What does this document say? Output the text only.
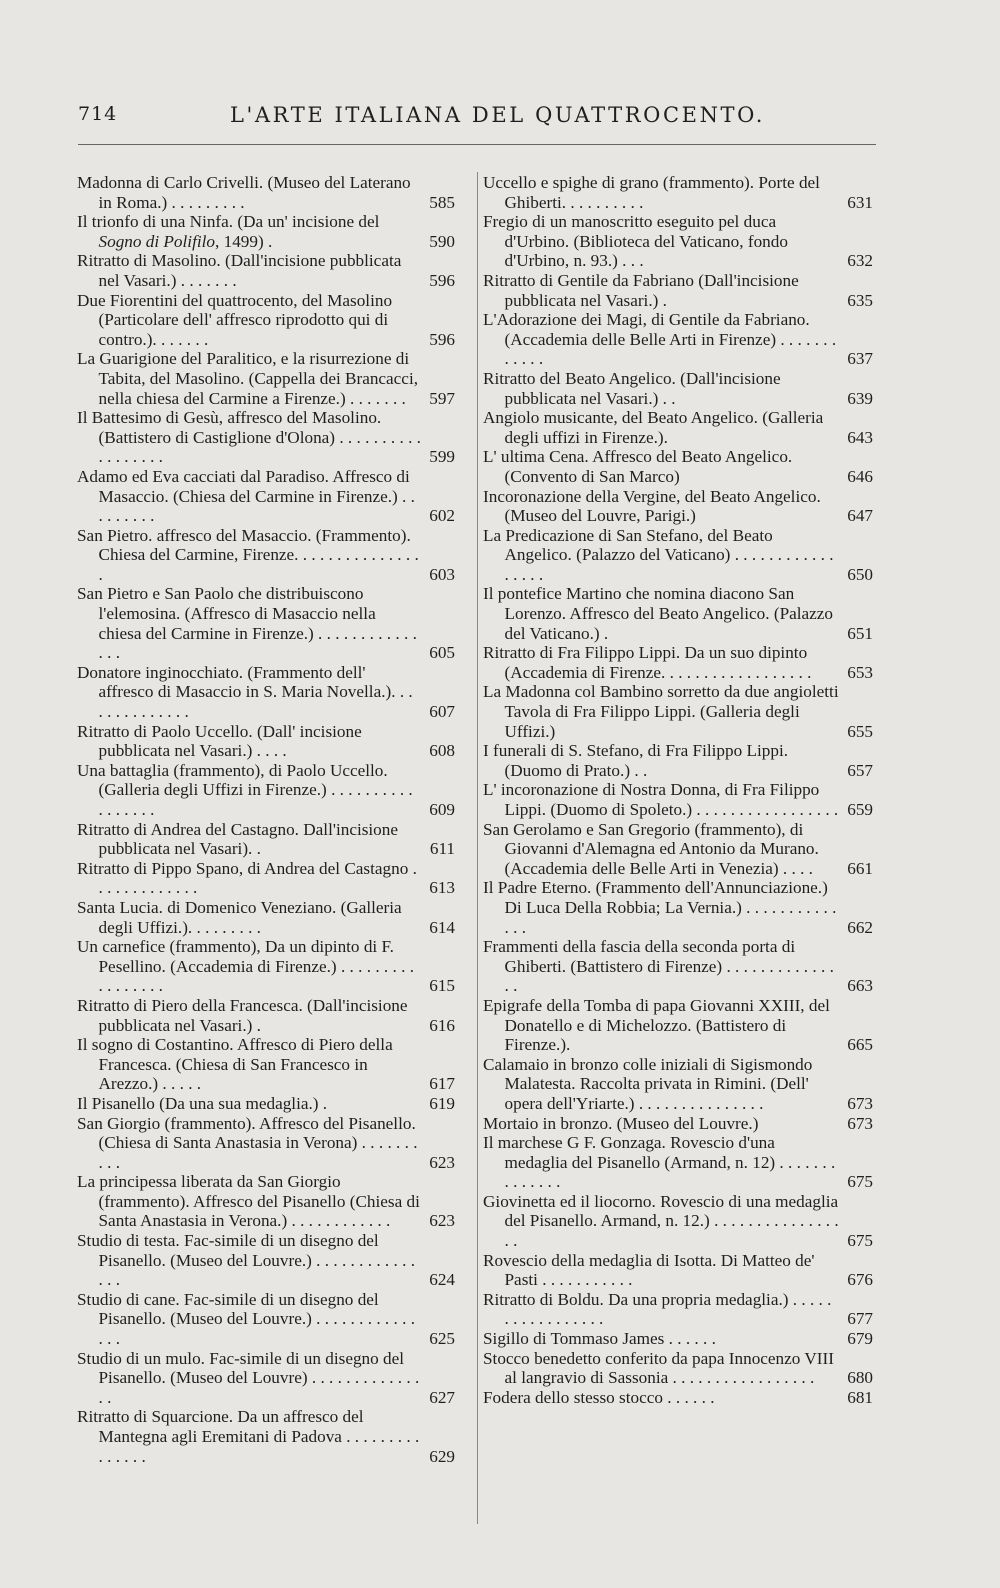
714	L'ARTE ITALIANA DEL QUATTROCENTO.
Madonna di Carlo Crivelli. (Museo del Laterano in Roma.) . . . . . . . . .	585
Il trionfo di una Ninfa. (Da un' incisione del Sogno di Polifilo, 1499) .	590
Ritratto di Masolino. (Dall'incisione pubblicata nel Vasari.) . . . . . . .	596
Due Fiorentini del quattrocento, del Masolino (Particolare dell' affresco riprodotto qui di contro.). . . . . . .	596
La Guarigione del Paralitico, e la risurrezione di Tabita, del Masolino. (Cappella dei Brancacci, nella chiesa del Carmine a Firenze.) . . . . . . .	597
Il Battesimo di Gesù, affresco del Masolino. (Battistero di Castiglione d'Olona) . . . . . . . . . . . . . . . . . .	599
Adamo ed Eva cacciati dal Paradiso. Affresco di Masaccio. (Chiesa del Carmine in Firenze.) . . . . . . . . .	602
San Pietro. affresco del Masaccio. (Frammento). Chiesa del Carmine, Firenze. . . . . . . . . . . . . . . .	603
San Pietro e San Paolo che distribuiscono l'elemosina. (Affresco di Masaccio nella chiesa del Carmine in Firenze.) . . . . . . . . . . . . . . .	605
Donatore inginocchiato. (Frammento dell' affresco di Masaccio in S. Maria Novella.). . . . . . . . . . . . . .	607
Ritratto di Paolo Uccello. (Dall' incisione pubblicata nel Vasari.) . . . .	608
Una battaglia (frammento), di Paolo Uccello. (Galleria degli Uffizi in Firenze.) . . . . . . . . . . . . . . . . .	609
Ritratto di Andrea del Castagno. Dall'incisione pubblicata nel Vasari). .	611
Ritratto di Pippo Spano, di Andrea del Castagno . . . . . . . . . . . . .	613
Santa Lucia. di Domenico Veneziano. (Galleria degli Uffizi.). . . . . . . . .	614
Un carnefice (frammento), Da un dipinto di F. Pesellino. (Accademia di Firenze.) . . . . . . . . . . . . . . . . .	615
Ritratto di Piero della Francesca. (Dall'incisione pubblicata nel Vasari.) .	616
Il sogno di Costantino. Affresco di Piero della Francesca. (Chiesa di San Francesco in Arezzo.) . . . . .	617
Il Pisanello (Da una sua medaglia.) .	619
San Giorgio (frammento). Affresco del Pisanello. (Chiesa di Santa Anastasia in Verona) . . . . . . . . . .	623
La principessa liberata da San Giorgio (frammento). Affresco del Pisanello (Chiesa di Santa Anastasia in Verona.) . . . . . . . . . . . .	623
Studio di testa. Fac-simile di un disegno del Pisanello. (Museo del Louvre.) . . . . . . . . . . . . . . .	624
Studio di cane. Fac-simile di un disegno del Pisanello. (Museo del Louvre.) . . . . . . . . . . . . . . .	625
Studio di un mulo. Fac-simile di un disegno del Pisanello. (Museo del Louvre) . . . . . . . . . . . . . . .	627
Ritratto di Squarcione. Da un affresco del Mantegna agli Eremitani di Padova . . . . . . . . . . . . . . .	629
Uccello e spighe di grano (frammento). Porte del Ghiberti. . . . . . . . . .	631
Fregio di un manoscritto eseguito pel duca d'Urbino. (Biblioteca del Vaticano, fondo d'Urbino, n. 93.) . . .	632
Ritratto di Gentile da Fabriano (Dall'incisione pubblicata nel Vasari.) .	635
L'Adorazione dei Magi, di Gentile da Fabriano. (Accademia delle Belle Arti in Firenze) . . . . . . . . . . . .	637
Ritratto del Beato Angelico. (Dall'incisione pubblicata nel Vasari.) . .	639
Angiolo musicante, del Beato Angelico. (Galleria degli uffizi in Firenze.).	643
L' ultima Cena. Affresco del Beato Angelico. (Convento di San Marco)	646
Incoronazione della Vergine, del Beato Angelico. (Museo del Louvre, Parigi.)	647
La Predicazione di San Stefano, del Beato Angelico. (Palazzo del Vaticano) . . . . . . . . . . . . . . . . .	650
Il pontefice Martino che nomina diacono San Lorenzo. Affresco del Beato Angelico. (Palazzo del Vaticano.) .	651
Ritratto di Fra Filippo Lippi. Da un suo dipinto (Accademia di Firenze. . . . . . . . . . . . . . . . . .	653
La Madonna col Bambino sorretto da due angioletti Tavola di Fra Filippo Lippi. (Galleria degli Uffizi.)	655
I funerali di S. Stefano, di Fra Filippo Lippi. (Duomo di Prato.) . .	657
L' incoronazione di Nostra Donna, di Fra Filippo Lippi. (Duomo di Spoleto.) . . . . . . . . . . . . . . . . . 659
San Gerolamo e San Gregorio (frammento), di Giovanni d'Alemagna ed Antonio da Murano. (Accademia delle Belle Arti in Venezia) . . . .	661
Il Padre Eterno. (Frammento dell'Annunciazione.) Di Luca Della Robbia; La Vernia.) . . . . . . . . . . . . . .	662
Frammenti della fascia della seconda porta di Ghiberti. (Battistero di Firenze) . . . . . . . . . . . . . . .	663
Epigrafe della Tomba di papa Giovanni XXIII, del Donatello e di Michelozzo. (Battistero di Firenze.).	665
Calamaio in bronzo colle iniziali di Sigismondo Malatesta. Raccolta privata in Rimini. (Dell' opera dell'Yriarte.) . . . . . . . . . . . . . . .	673
Mortaio in bronzo. (Museo del Louvre.)	673
Il marchese G F. Gonzaga. Rovescio d'una medaglia del Pisanello (Armand, n. 12) . . . . . . . . . . . . . .	675
Giovinetta ed il liocorno. Rovescio di una medaglia del Pisanello. Armand, n. 12.) . . . . . . . . . . . . . . . . .	675
Rovescio della medaglia di Isotta. Di Matteo de' Pasti . . . . . . . . . . .	676
Ritratto di Boldu. Da una propria medaglia.) . . . . . . . . . . . . . . . . .	677
Sigillo di Tommaso James . . . . . .	679
Stocco benedetto conferito da papa Innocenzo VIII al langravio di Sassonia . . . . . . . . . . . . . . . . .	680
Fodera dello stesso stocco . . . . . .	681
